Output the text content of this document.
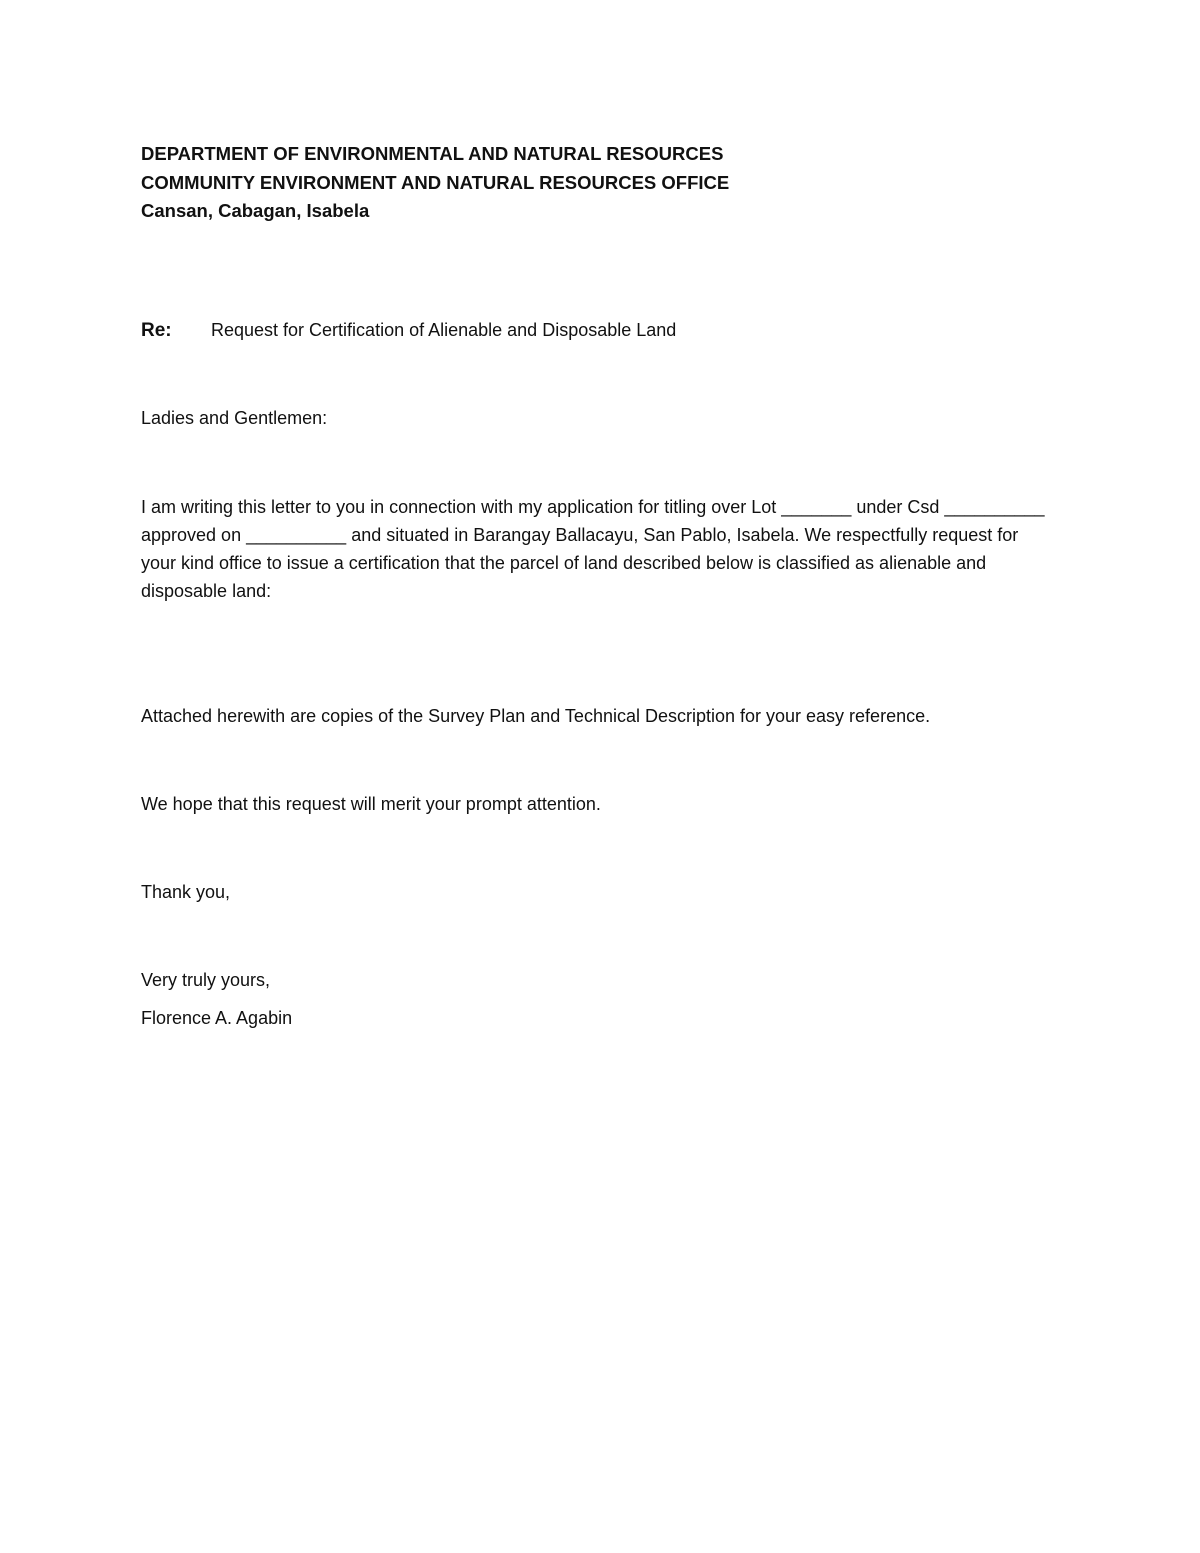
DEPARTMENT OF ENVIRONMENTAL AND NATURAL RESOURCES
COMMUNITY ENVIRONMENT AND NATURAL RESOURCES OFFICE
Cansan, Cabagan, Isabela
Re:	Request for Certification of Alienable and Disposable Land
Ladies and Gentlemen:
I am writing this letter to you in connection with my application for titling over Lot _______ under Csd __________ approved on __________ and situated in Barangay Ballacayu, San Pablo, Isabela. We respectfully request for your kind office to issue a certification that the parcel of land described below is classified as alienable and disposable land:
Attached herewith are copies of the Survey Plan and Technical Description for your easy reference.
We hope that this request will merit your prompt attention.
Thank you,
Very truly yours,
Florence A. Agabin
